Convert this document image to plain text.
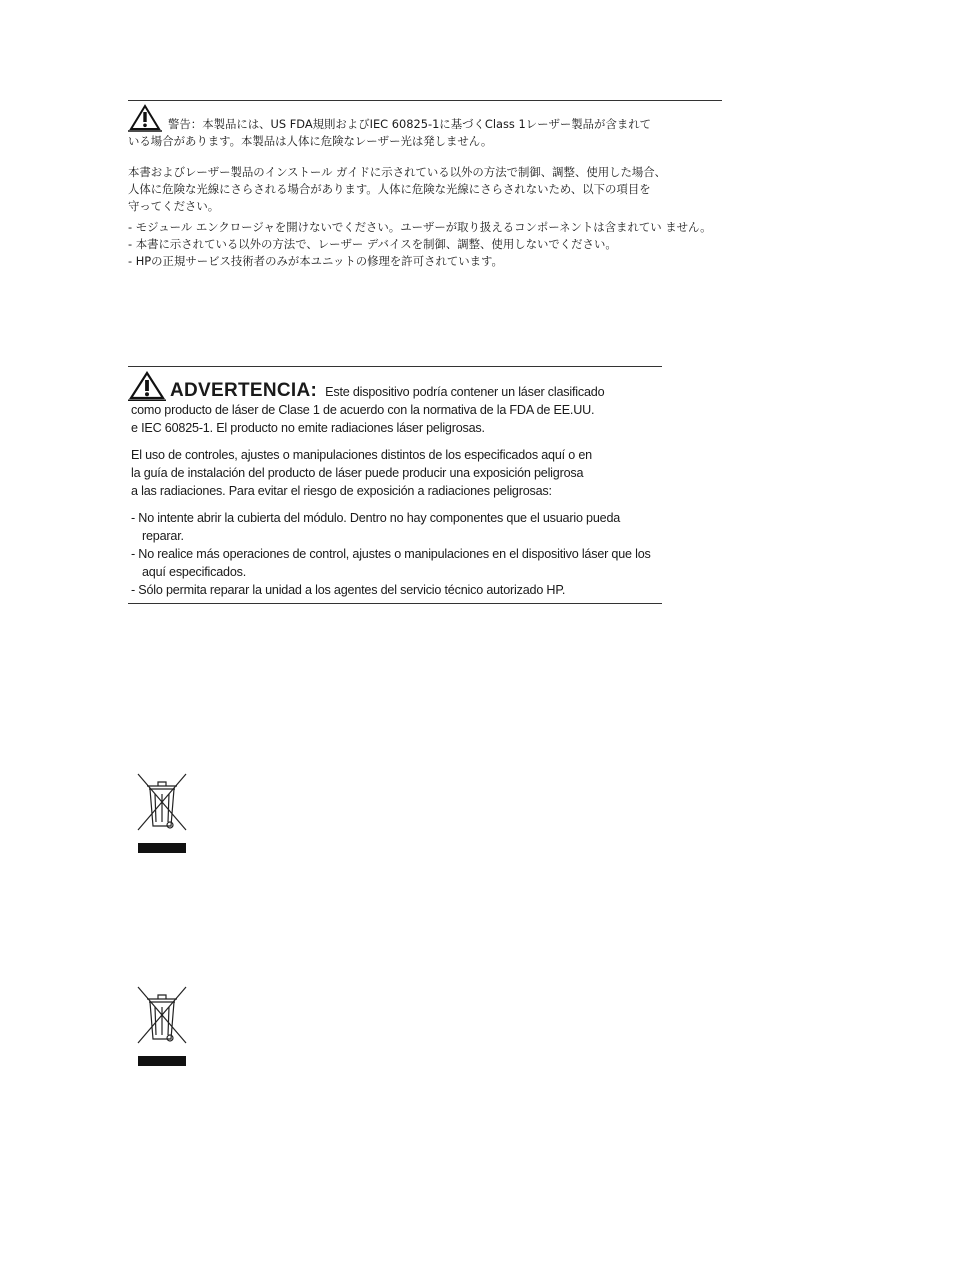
警告：本製品には、US FDA規則およびIEC 60825-1に基づくClass 1レーザー製品が含まれて

いる場合があります。本製品は人体に危険なレーザー光は発しません。

本書およびレーザー製品のインストール ガイドに示されている以外の方法で制御、調整、使用した場合、

人体に危険な光線にさらされる場合があります。人体に危険な光線にさらされないため、以下の項目を

守ってください。

- モジュール エンクロージャを開けないでください。ユーザーが取り扱えるコンポーネントは含まれてい ません。

- 本書に示されている以外の方法で、レーザー デバイスを制御、調整、使用しないでください。

- HPの正規サービス技術者のみが本ユニットの修理を許可されています。

ADVERTENCIA: Este dispositivo podría contener un láser clasificado

como producto de láser de Clase 1 de acuerdo con la normativa de la FDA de EE.UU.

e IEC 60825-1. El producto no emite radiaciones láser peligrosas.

El uso de controles, ajustes o manipulaciones distintos de los especificados aquí o en

la guía de instalación del producto de láser puede producir una exposición peligrosa

a las radiaciones. Para evitar el riesgo de exposición a radiaciones peligrosas:

- No intente abrir la cubierta del módulo. Dentro no hay componentes que el usuario pueda reparar.

- No realice más operaciones de control, ajustes o manipulaciones en el dispositivo láser que los aquí especificados.

- Sólo permita reparar la unidad a los agentes del servicio técnico autorizado HP.
